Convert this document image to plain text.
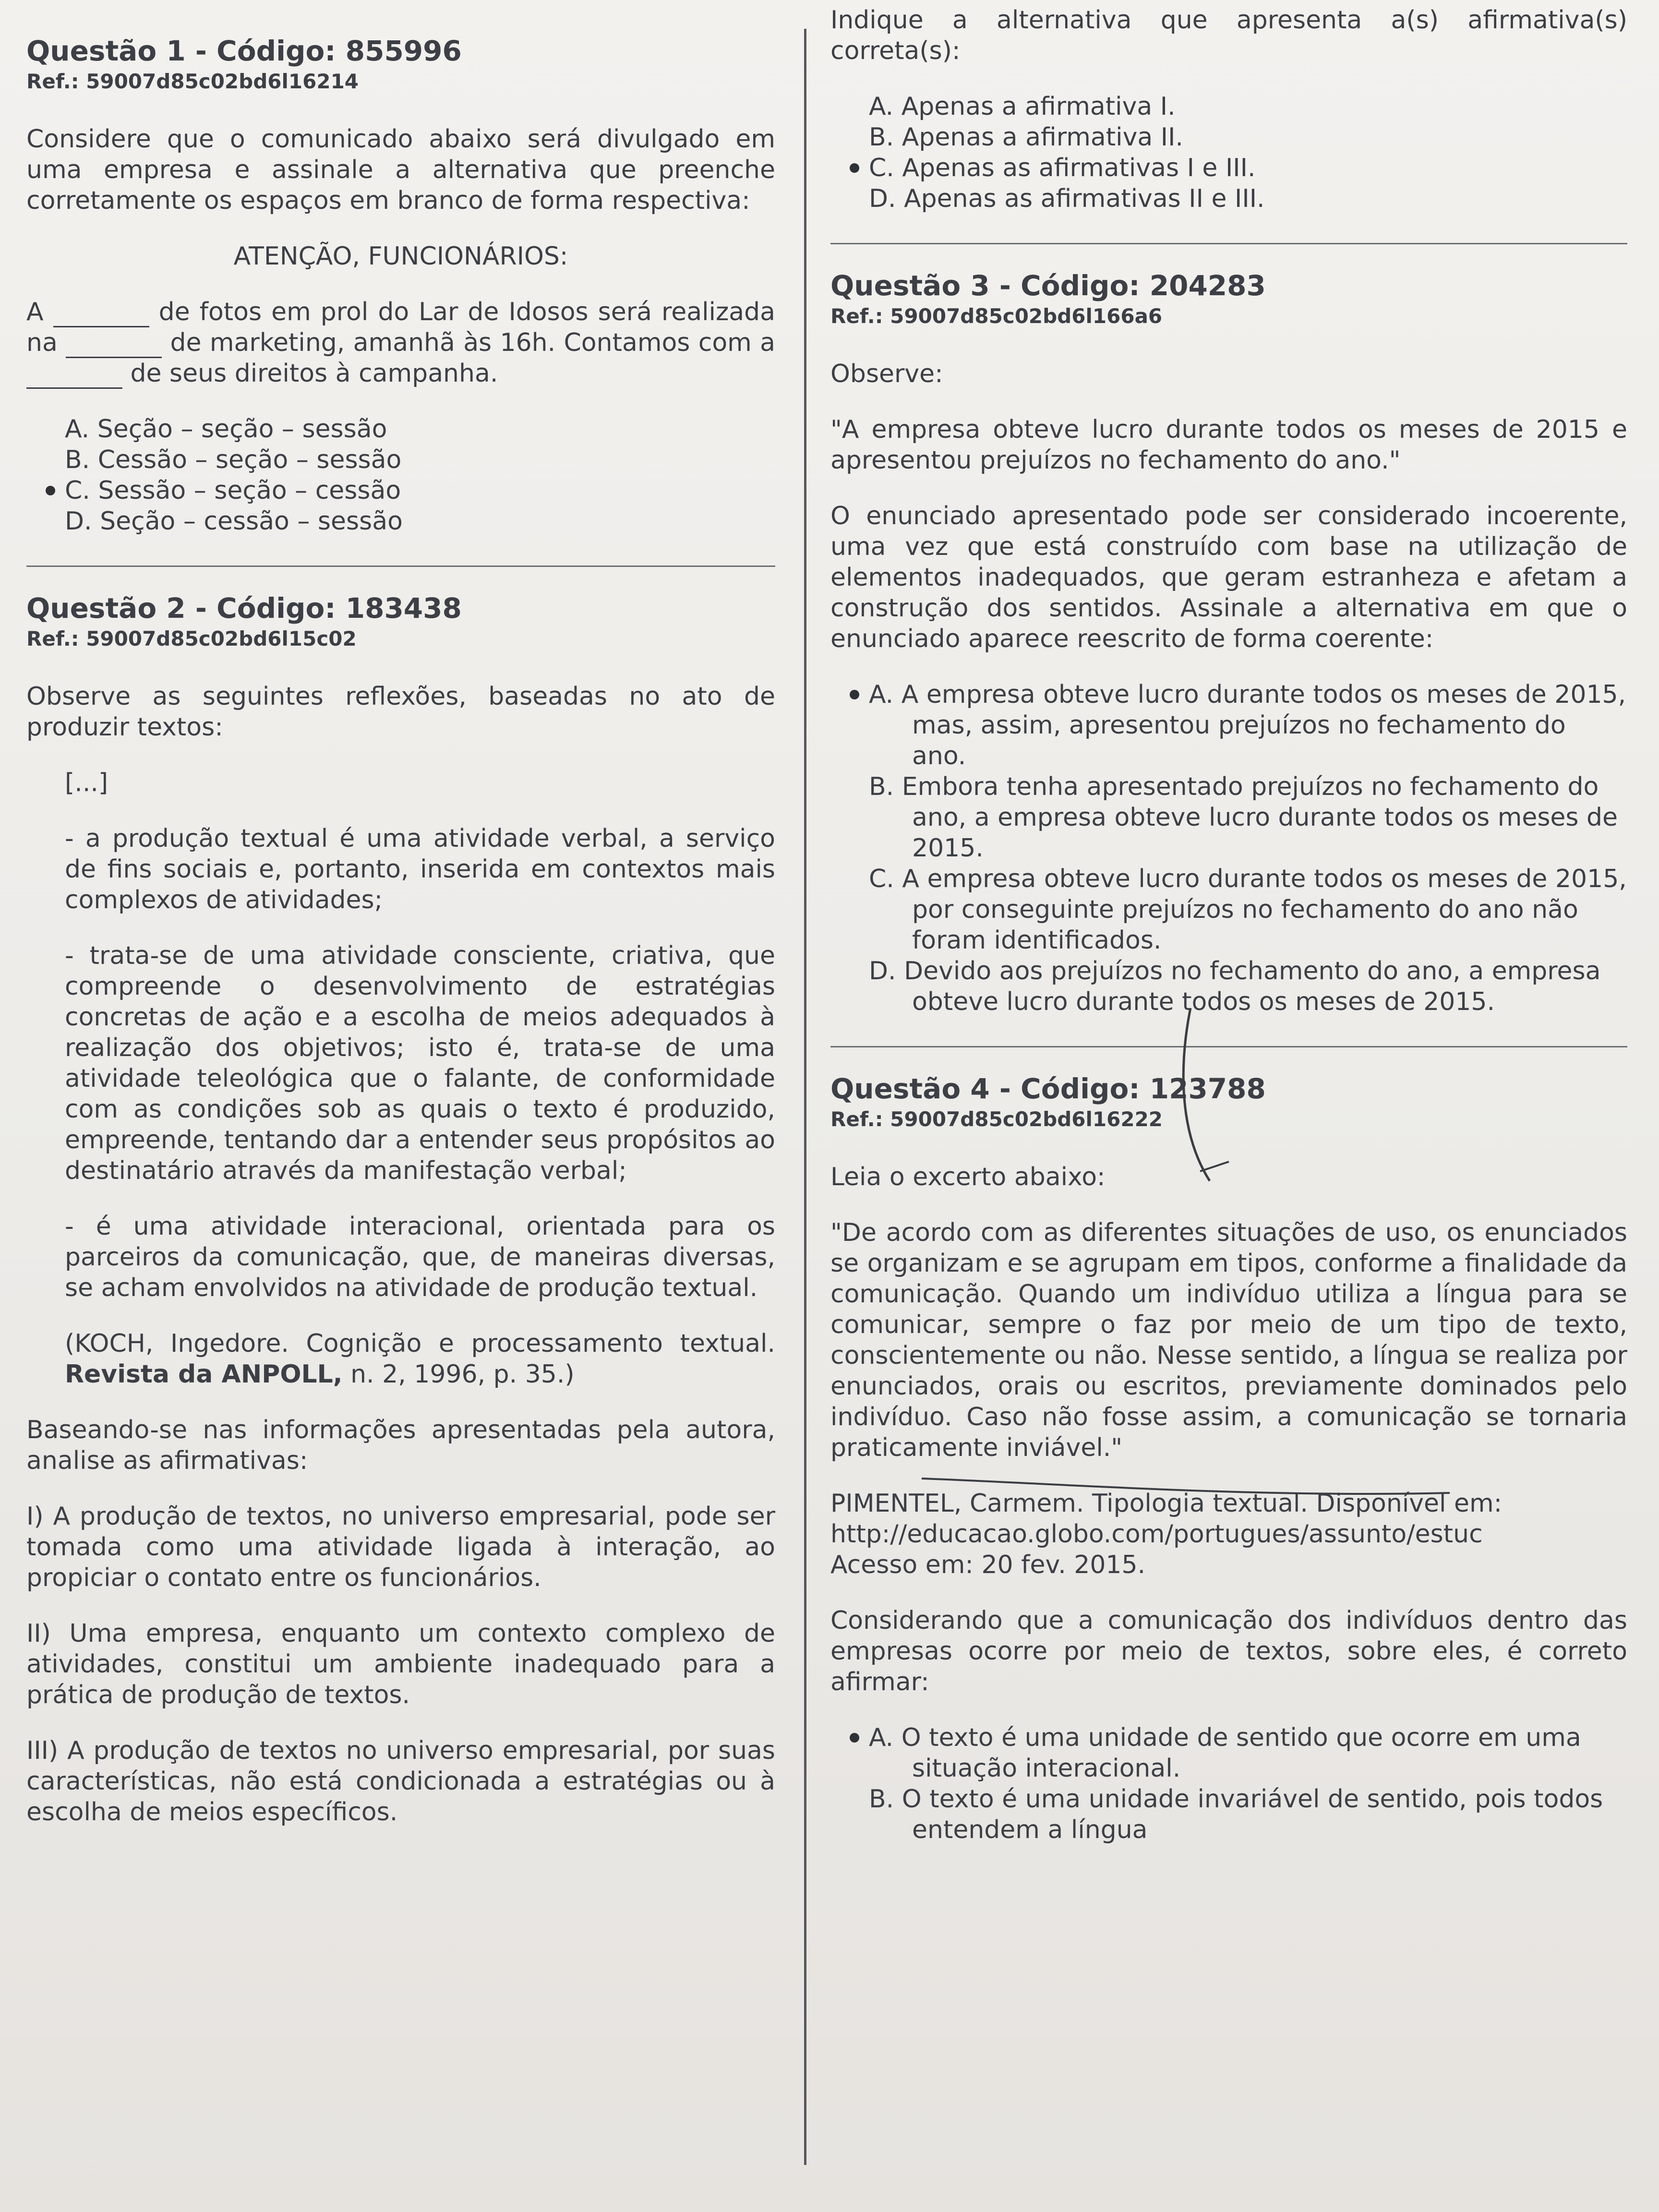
Questão 1 - Código: 855996

Ref.: 59007d85c02bd6l16214

Considere que o comunicado abaixo será divulgado em uma empresa e assinale a alternativa que preenche corretamente os espaços em branco de forma respectiva:

ATENÇÃO, FUNCIONÁRIOS:

A	de fotos em prol do Lar de Idosos será realizada na	de marketing, amanhã às 16h. Contamos com a  de seus direitos à campanha.

A. Seção – seção – sessão

B. Cessão – seção – sessão

C. Sessão – seção – cessão

D. Seção – cessão – sessão

Questão 2 - Código: 183438

Ref.: 59007d85c02bd6l15c02

Observe as seguintes reflexões, baseadas no ato de produzir textos:

[...]

- a produção textual é uma atividade verbal, a serviço de fins sociais e, portanto, inserida em contextos mais complexos de atividades;

- trata-se de uma atividade consciente, criativa, que compreende o desenvolvimento de estratégias concretas de ação e a escolha de meios adequados à realização dos objetivos; isto é, trata-se de uma atividade teleológica que o falante, de conformidade com as condições sob as quais o texto é produzido, empreende, tentando dar a entender seus propósitos ao destinatário através da manifestação verbal;

- é uma atividade interacional, orientada para os parceiros da comunicação, que, de maneiras diversas, se acham envolvidos na atividade de produção textual.

(KOCH, Ingedore. Cognição e processamento textual. Revista da ANPOLL, n. 2, 1996, p. 35.)

Baseando-se nas informações apresentadas pela autora, analise as afirmativas:

I) A produção de textos, no universo empresarial, pode ser tomada como uma atividade ligada à interação, ao propiciar o contato entre os funcionários.

II) Uma empresa, enquanto um contexto complexo de atividades, constitui um ambiente inadequado para a prática de produção de textos.

III) A produção de textos no universo empresarial, por suas características, não está condicionada a estratégias ou à escolha de meios específicos.

Indique a alternativa que apresenta a(s) afirmativa(s) correta(s):

A. Apenas a afirmativa I.

B. Apenas a afirmativa II.

C. Apenas as afirmativas I e III.

D. Apenas as afirmativas II e III.

Questão 3 - Código: 204283

Ref.: 59007d85c02bd6l166a6

Observe:

"A empresa obteve lucro durante todos os meses de 2015 e apresentou prejuízos no fechamento do ano."

O enunciado apresentado pode ser considerado incoerente, uma vez que está construído com base na utilização de elementos inadequados, que geram estranheza e afetam a construção dos sentidos. Assinale a alternativa em que o enunciado aparece reescrito de forma coerente:

A. A empresa obteve lucro durante todos os meses de 2015, mas, assim, apresentou prejuízos no fechamento do ano.

B. Embora tenha apresentado prejuízos no fechamento do ano, a empresa obteve lucro durante todos os meses de 2015.

C. A empresa obteve lucro durante todos os meses de 2015, por conseguinte prejuízos no fechamento do ano não foram identificados.

D. Devido aos prejuízos no fechamento do ano, a empresa obteve lucro durante todos os meses de 2015.

Questão 4 - Código: 123788

Ref.: 59007d85c02bd6l16222

Leia o excerto abaixo:

"De acordo com as diferentes situações de uso, os enunciados se organizam e se agrupam em tipos, conforme a finalidade da comunicação. Quando um indivíduo utiliza a língua para se comunicar, sempre o faz por meio de um tipo de texto, conscientemente ou não. Nesse sentido, a língua se realiza por enunciados, orais ou escritos, previamente dominados pelo indivíduo. Caso não fosse assim, a comunicação se tornaria praticamente inviável."

PIMENTEL, Carmem. Tipologia textual. Disponível em:
http://educacao.globo.com/portugues/assunto/estuc
Acesso em: 20 fev. 2015.

Considerando que a comunicação dos indivíduos dentro das empresas ocorre por meio de textos, sobre eles, é correto afirmar:

A. O texto é uma unidade de sentido que ocorre em uma situação interacional.

B. O texto é uma unidade invariável de sentido, pois todos entendem a língua
